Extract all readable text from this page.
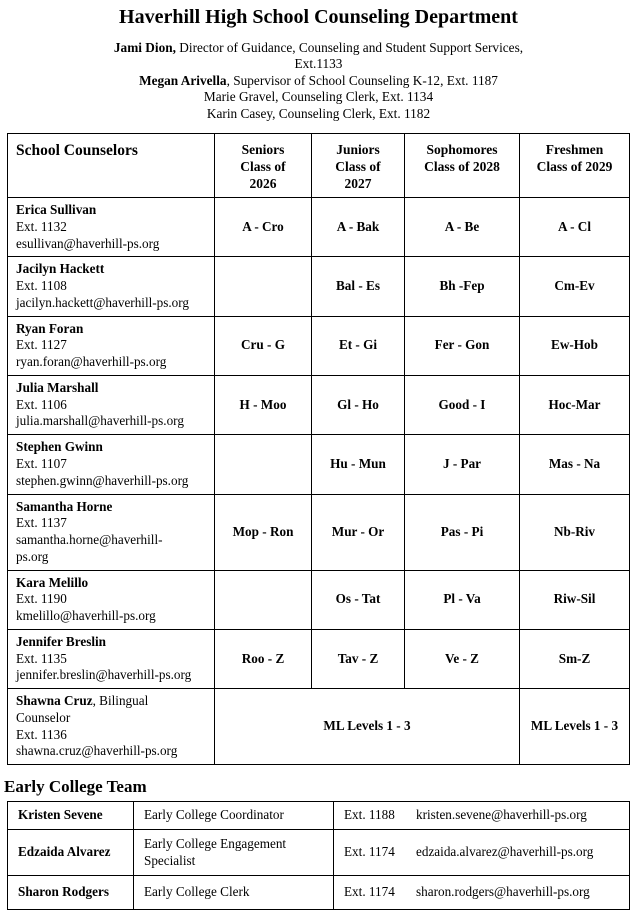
Haverhill High School Counseling Department
Jami Dion, Director of Guidance, Counseling and Student Support Services,
Ext.1133
Megan Arivella, Supervisor of School Counseling K-12, Ext. 1187
Marie Gravel, Counseling Clerk, Ext. 1134
Karin Casey, Counseling Clerk, Ext. 1182
School Counselors	Seniors Class of 2026	Juniors Class of 2027	Sophomores Class of 2028	Freshmen Class of 2029

Erica Sullivan
Ext. 1132
esullivan@haverhill-ps.org	A - Cro	A - Bak	A - Be	A - Cl

Jacilyn Hackett
Ext. 1108
jacilyn.hackett@haverhill-ps.org		Bal - Es	Bh -Fep	Cm-Ev

Ryan Foran
Ext. 1127
ryan.foran@haverhill-ps.org	Cru - G	Et - Gi	Fer - Gon	Ew-Hob

Julia Marshall
Ext. 1106
julia.marshall@haverhill-ps.org	H - Moo	Gl - Ho	Good - I	Hoc-Mar

Stephen Gwinn
Ext. 1107
stephen.gwinn@haverhill-ps.org		Hu - Mun	J - Par	Mas - Na

Samantha Horne
Ext. 1137
samantha.horne@haverhill-ps.org	Mop - Ron	Mur - Or	Pas - Pi	Nb-Riv

Kara Melillo
Ext. 1190
kmelillo@haverhill-ps.org		Os - Tat	Pl - Va	Riw-Sil

Jennifer Breslin
Ext. 1135
jennifer.breslin@haverhill-ps.org	Roo - Z	Tav - Z	Ve - Z	Sm-Z

Shawna Cruz, Bilingual Counselor
Ext. 1136
shawna.cruz@haverhill-ps.org	ML Levels 1 - 3			ML Levels 1 - 3
Early College Team
Kristen Sevene	Early College Coordinator	Ext. 1188 kristen.sevene@haverhill-ps.org
Edzaida Alvarez	Early College Engagement Specialist	Ext. 1174 edzaida.alvarez@haverhill-ps.org
Sharon Rodgers	Early College Clerk	Ext. 1174 sharon.rodgers@haverhill-ps.org
